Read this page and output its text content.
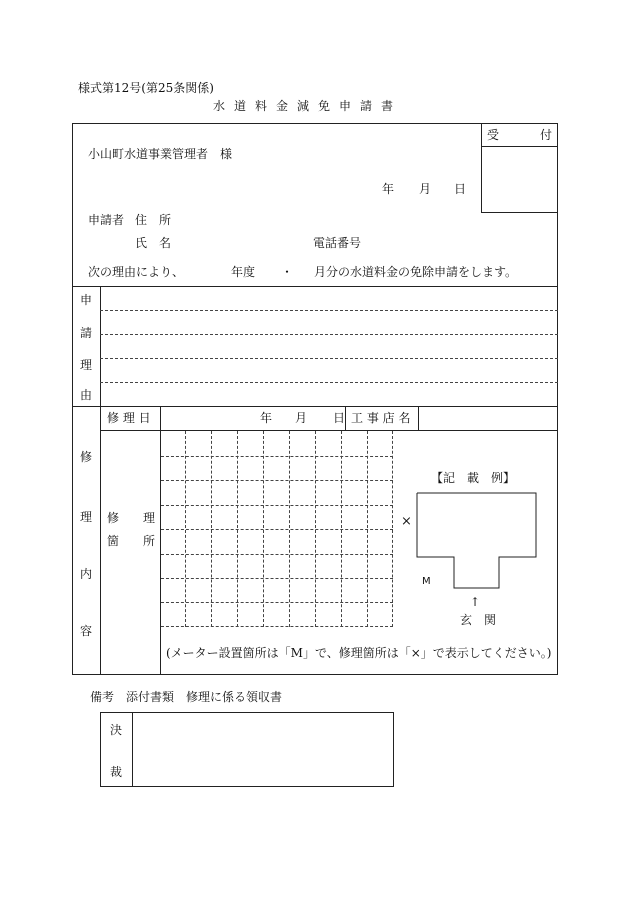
様式第12号(第25条関係)
水道料金減免申請書
受	付
小山町水道事業管理者　様
年 月 日
申請者 住　所
氏　名	電話番号
次の理由により、	年度 ・ 月分の水道料金の免除申請をします。
申
請
理
由
修
理
内
容
修 理 日	年 月 日 工 事 店 名
修　　理
箇　　所
【記　載　例】
×
M
↑
玄　関
(メーター設置箇所は「M」で、修理箇所は「×」で表示してください。)
備考　添付書類　修理に係る領収書
決
裁
